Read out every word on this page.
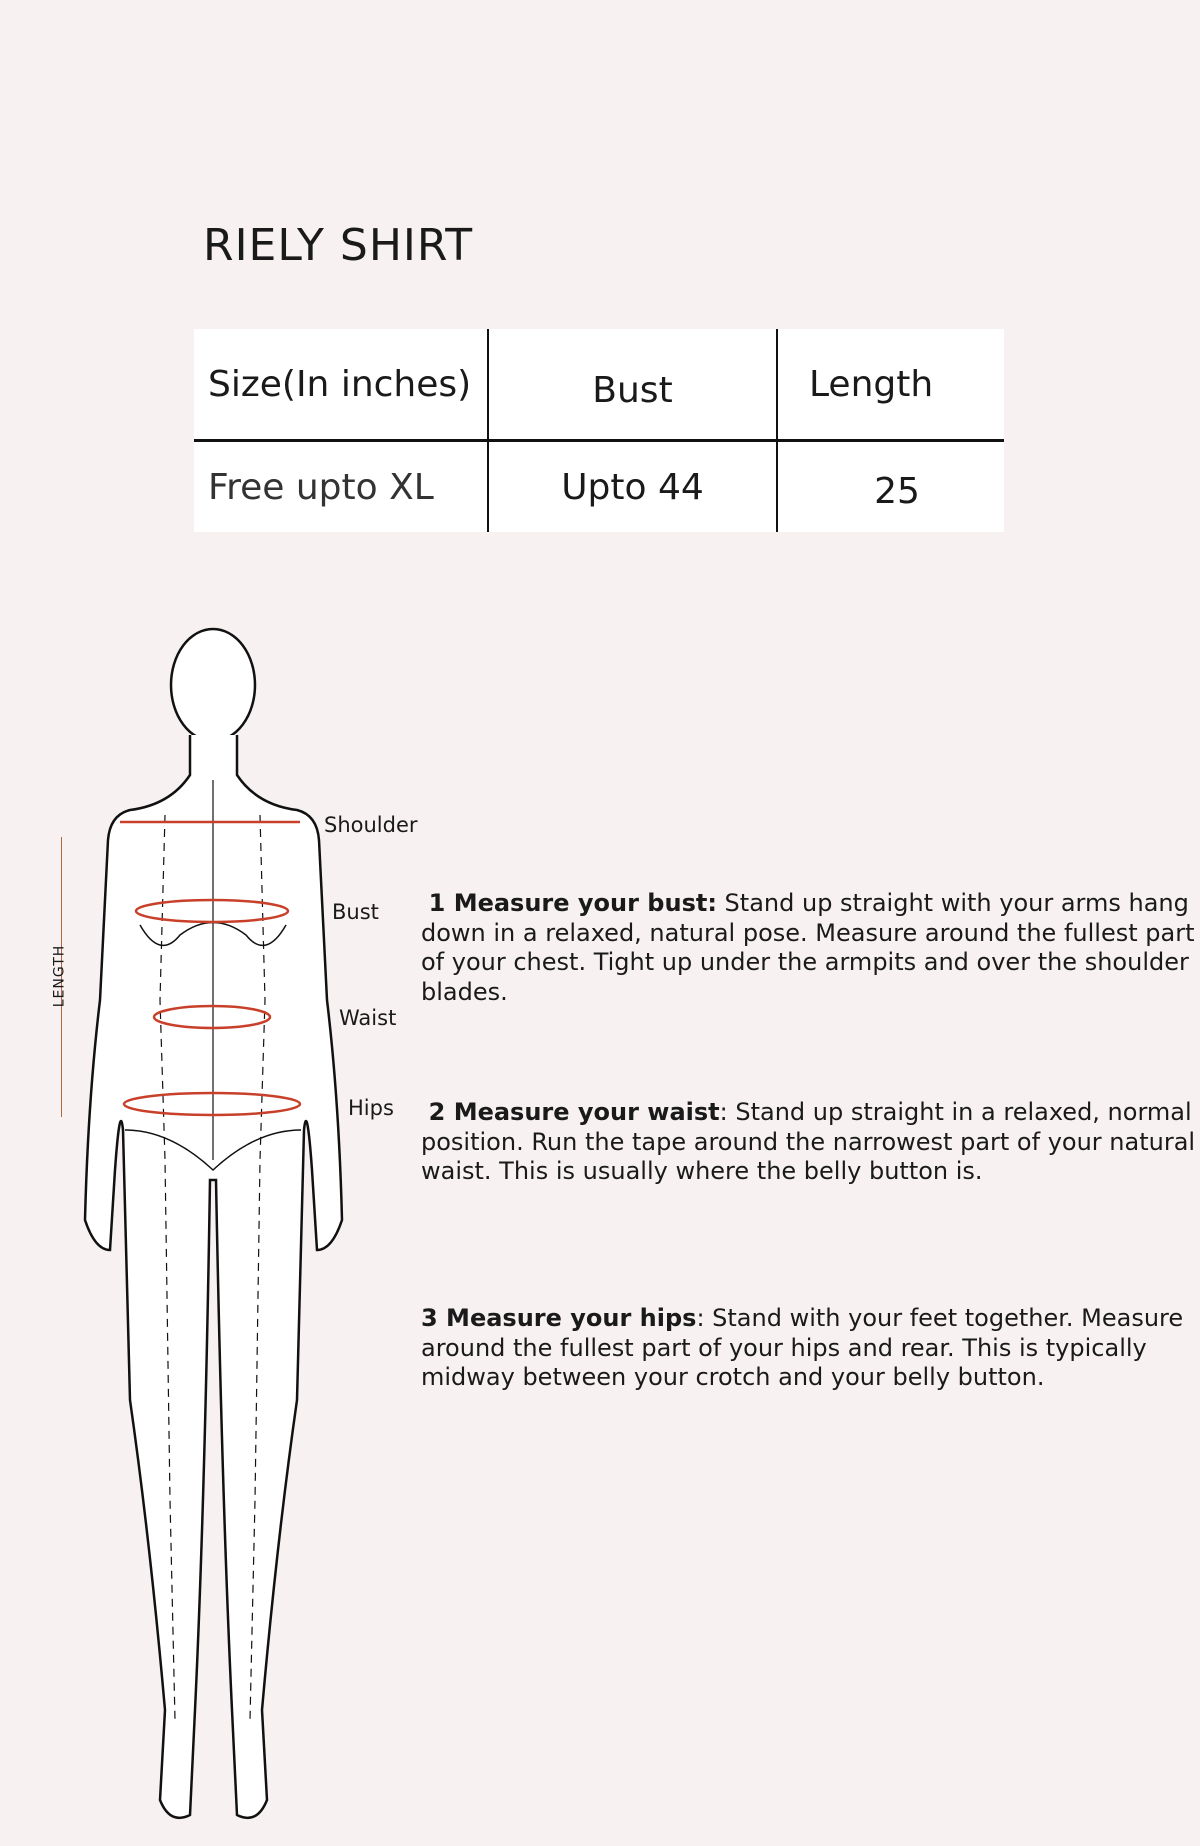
RIELY SHIRT
Size(In inches)	Bust	Length
Free upto XL	Upto 44	25
Shoulder
Bust
Waist
Hips
LENGTH
1 Measure your bust: Stand up straight with your arms hang down in a relaxed, natural pose. Measure around the fullest part of your chest. Tight up under the armpits and over the shoulder blades.
2 Measure your waist: Stand up straight in a relaxed, normal position. Run the tape around the narrowest part of your natural waist. This is usually where the belly button is.
3 Measure your hips: Stand with your feet together. Measure around the fullest part of your hips and rear. This is typically midway between your crotch and your belly button.
